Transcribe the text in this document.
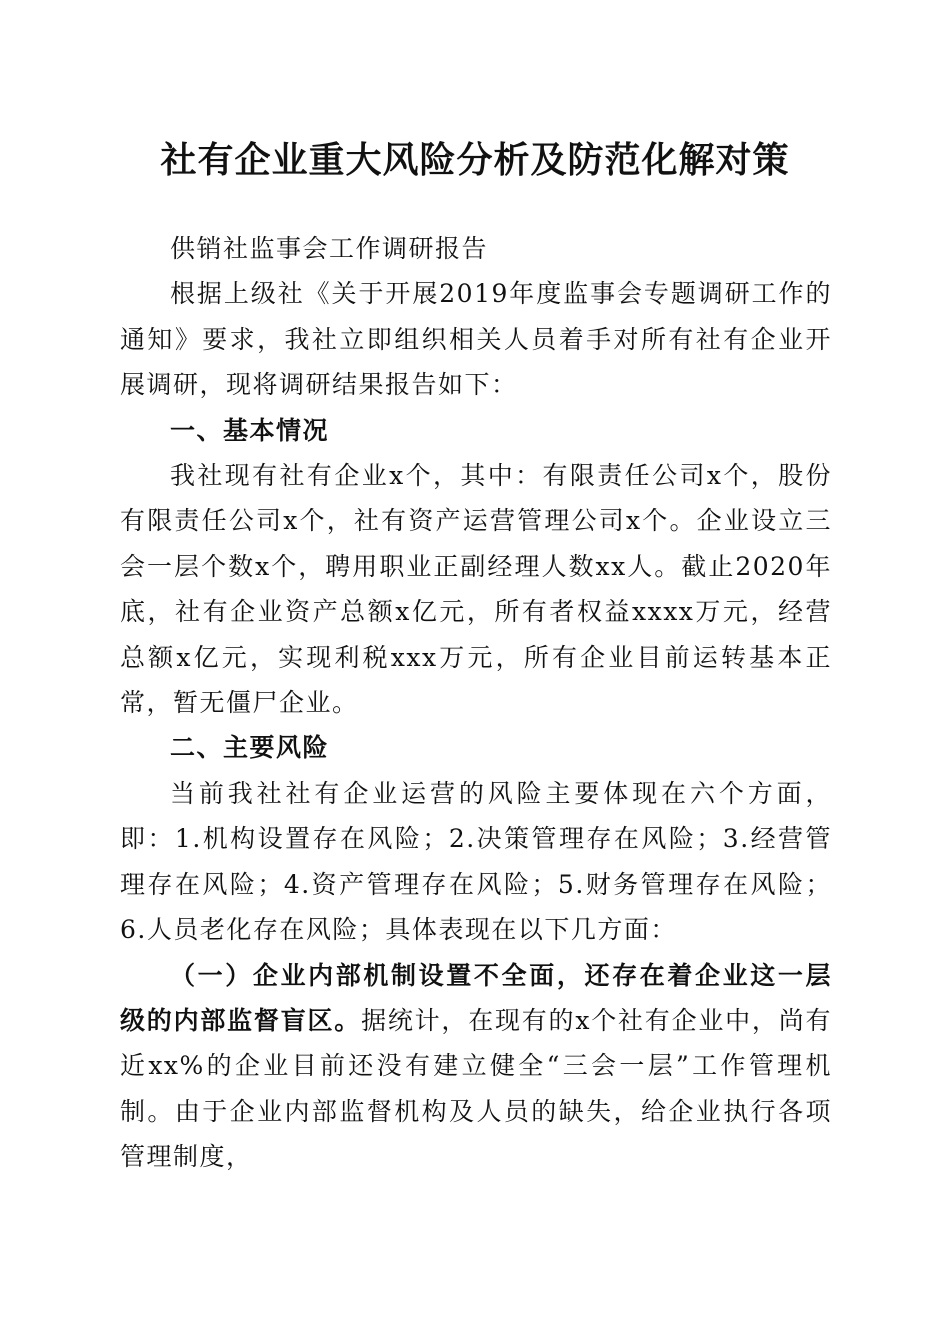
社有企业重大风险分析及防范化解对策

供销社监事会工作调研报告

根据上级社《关于开展2019年度监事会专题调研工作的通知》要求，我社立即组织相关人员着手对所有社有企业开展调研，现将调研结果报告如下：

一、基本情况

我社现有社有企业x个，其中：有限责任公司x个，股份有限责任公司x个，社有资产运营管理公司x个。企业设立三会一层个数x个，聘用职业正副经理人数xx人。截止2020年底，社有企业资产总额x亿元，所有者权益xxxx万元，经营总额x亿元，实现利税xxx万元，所有企业目前运转基本正常，暂无僵尸企业。

二、主要风险

当前我社社有企业运营的风险主要体现在六个方面，即：1.机构设置存在风险；2.决策管理存在风险；3.经营管理存在风险；4.资产管理存在风险；5.财务管理存在风险；6.人员老化存在风险；具体表现在以下几方面：

（一）企业内部机制设置不全面，还存在着企业这一层级的内部监督盲区。据统计，在现有的x个社有企业中，尚有近xx%的企业目前还没有建立健全“三会一层”工作管理机制。由于企业内部监督机构及人员的缺失，给企业执行各项管理制度，
